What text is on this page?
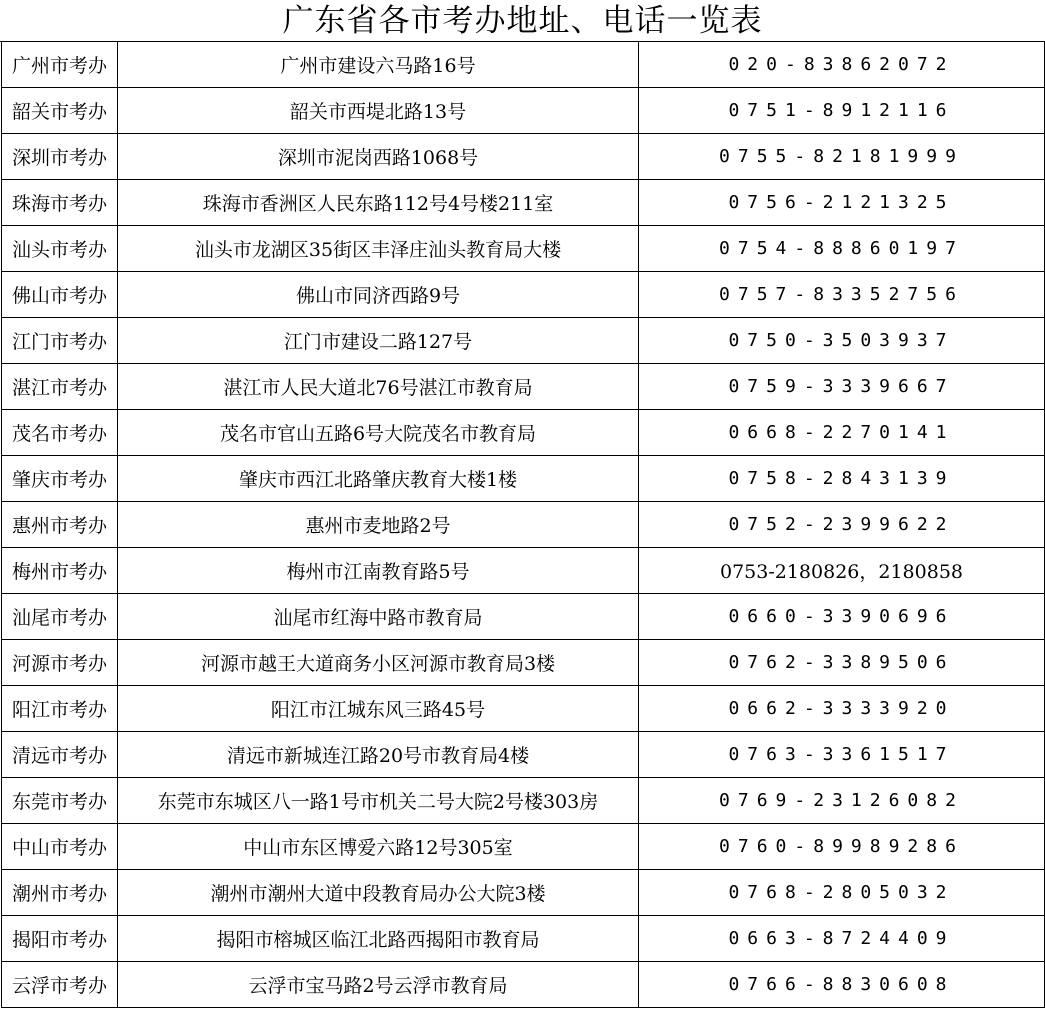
广东省各市考办地址、电话一览表
广州市考办	广州市建设六马路16号	020-83862072
韶关市考办	韶关市西堤北路13号	0751-8912116
深圳市考办	深圳市泥岗西路1068号	0755-82181999
珠海市考办	珠海市香洲区人民东路112号4号楼211室	0756-2121325
汕头市考办	汕头市龙湖区35街区丰泽庄汕头教育局大楼	0754-88860197
佛山市考办	佛山市同济西路9号	0757-83352756
江门市考办	江门市建设二路127号	0750-3503937
湛江市考办	湛江市人民大道北76号湛江市教育局	0759-3339667
茂名市考办	茂名市官山五路6号大院茂名市教育局	0668-2270141
肇庆市考办	肇庆市西江北路肇庆教育大楼1楼	0758-2843139
惠州市考办	惠州市麦地路2号	0752-2399622
梅州市考办	梅州市江南教育路5号	0753-2180826，2180858
汕尾市考办	汕尾市红海中路市教育局	0660-3390696
河源市考办	河源市越王大道商务小区河源市教育局3楼	0762-3389506
阳江市考办	阳江市江城东风三路45号	0662-3333920
清远市考办	清远市新城连江路20号市教育局4楼	0763-3361517
东莞市考办	东莞市东城区八一路1号市机关二号大院2号楼303房	0769-23126082
中山市考办	中山市东区博爱六路12号305室	0760-89989286
潮州市考办	潮州市潮州大道中段教育局办公大院3楼	0768-2805032
揭阳市考办	揭阳市榕城区临江北路西揭阳市教育局	0663-8724409
云浮市考办	云浮市宝马路2号云浮市教育局	0766-8830608
